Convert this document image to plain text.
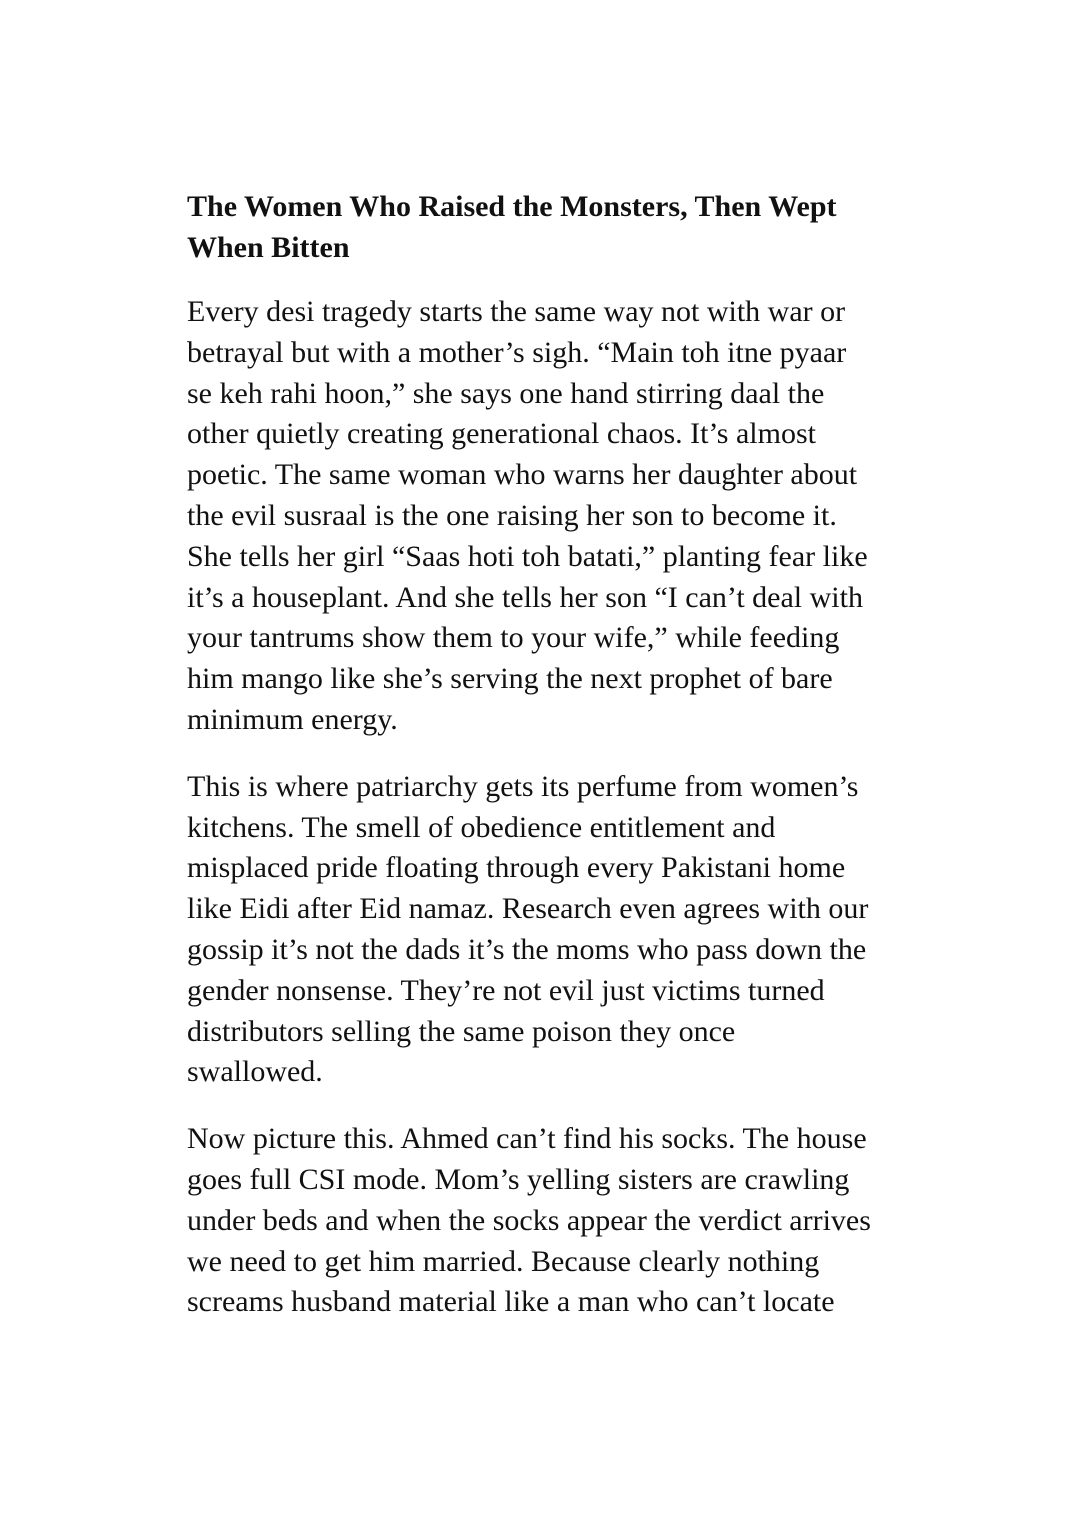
The Women Who Raised the Monsters, Then Wept
When Bitten

Every desi tragedy starts the same way not with war or
betrayal but with a mother’s sigh. “Main toh itne pyaar
se keh rahi hoon,” she says one hand stirring daal the
other quietly creating generational chaos. It’s almost
poetic. The same woman who warns her daughter about
the evil susraal is the one raising her son to become it.
She tells her girl “Saas hoti toh batati,” planting fear like
it’s a houseplant. And she tells her son “I can’t deal with
your tantrums show them to your wife,” while feeding
him mango like she’s serving the next prophet of bare
minimum energy.

This is where patriarchy gets its perfume from women’s
kitchens. The smell of obedience entitlement and
misplaced pride floating through every Pakistani home
like Eidi after Eid namaz. Research even agrees with our
gossip it’s not the dads it’s the moms who pass down the
gender nonsense. They’re not evil just victims turned
distributors selling the same poison they once
swallowed.

Now picture this. Ahmed can’t find his socks. The house
goes full CSI mode. Mom’s yelling sisters are crawling
under beds and when the socks appear the verdict arrives
we need to get him married. Because clearly nothing
screams husband material like a man who can’t locate
